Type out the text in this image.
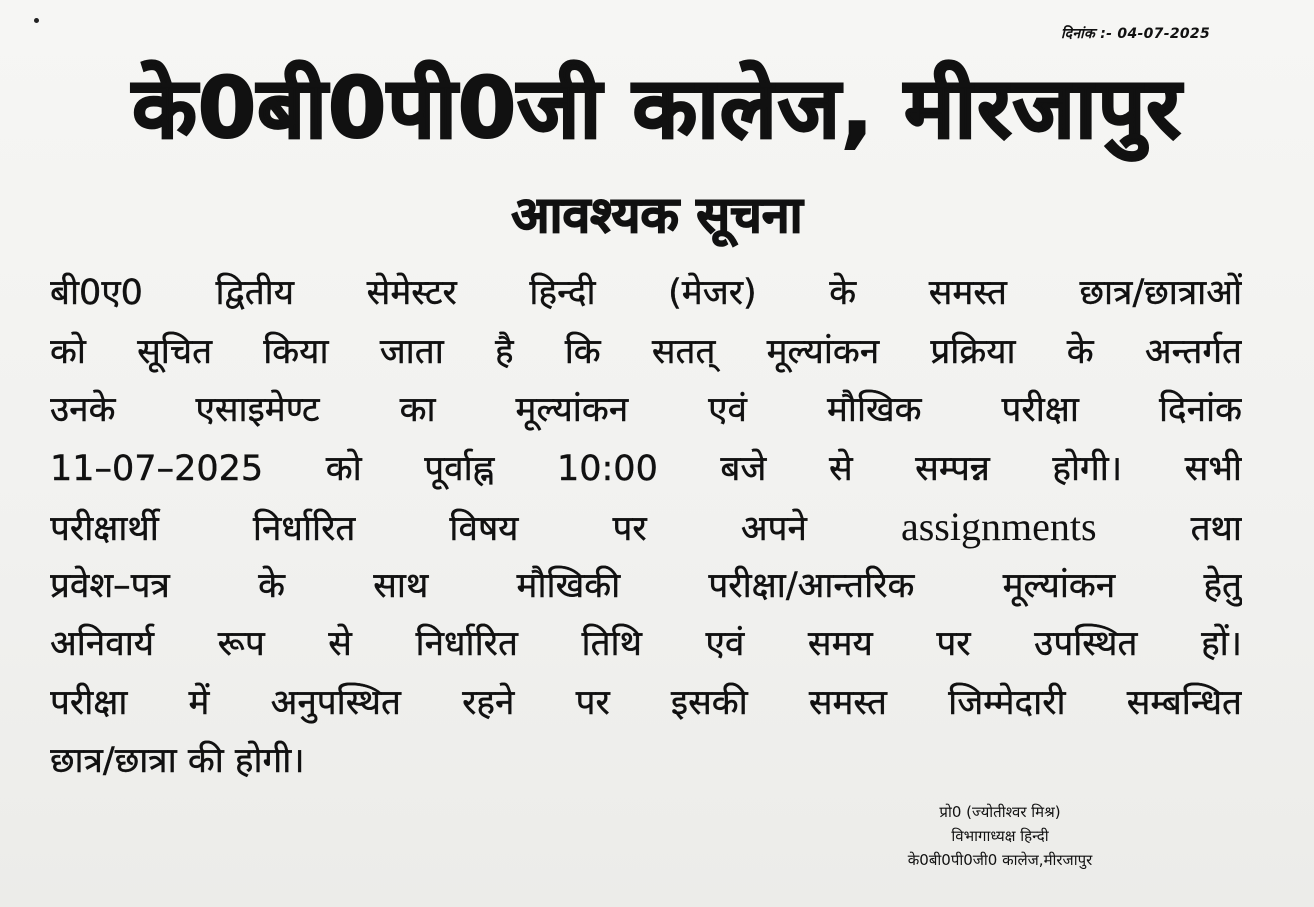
दिनांक :- 04-07-2025
के0बी0पी0जी कालेज, मीरजापुर
आवश्यक सूचना
बी0ए0 द्वितीय सेमेस्टर हिन्दी (मेजर) के समस्त छात्र/छात्राओं
को सूचित किया जाता है कि सतत् मूल्यांकन प्रक्रिया के अन्तर्गत
उनके एसाइमेण्ट का मूल्यांकन एवं मौखिक परीक्षा दिनांक
11–07–2025 को पूर्वाह्न 10:00 बजे से सम्पन्न होगी। सभी
परीक्षार्थी निर्धारित विषय पर अपने assignments	तथा
प्रवेश–पत्र के साथ मौखिकी परीक्षा/आन्तरिक मूल्यांकन हेतु
अनिवार्य रूप से निर्धारित तिथि एवं समय पर उपस्थित हों।
परीक्षा में अनुपस्थित रहने पर इसकी समस्त जिम्मेदारी सम्बन्धित
छात्र/छात्रा की होगी।
प्रो0 (ज्योतीश्वर मिश्र)
विभागाध्यक्ष हिन्दी
के0बी0पी0जी0 कालेज,मीरजापुर
